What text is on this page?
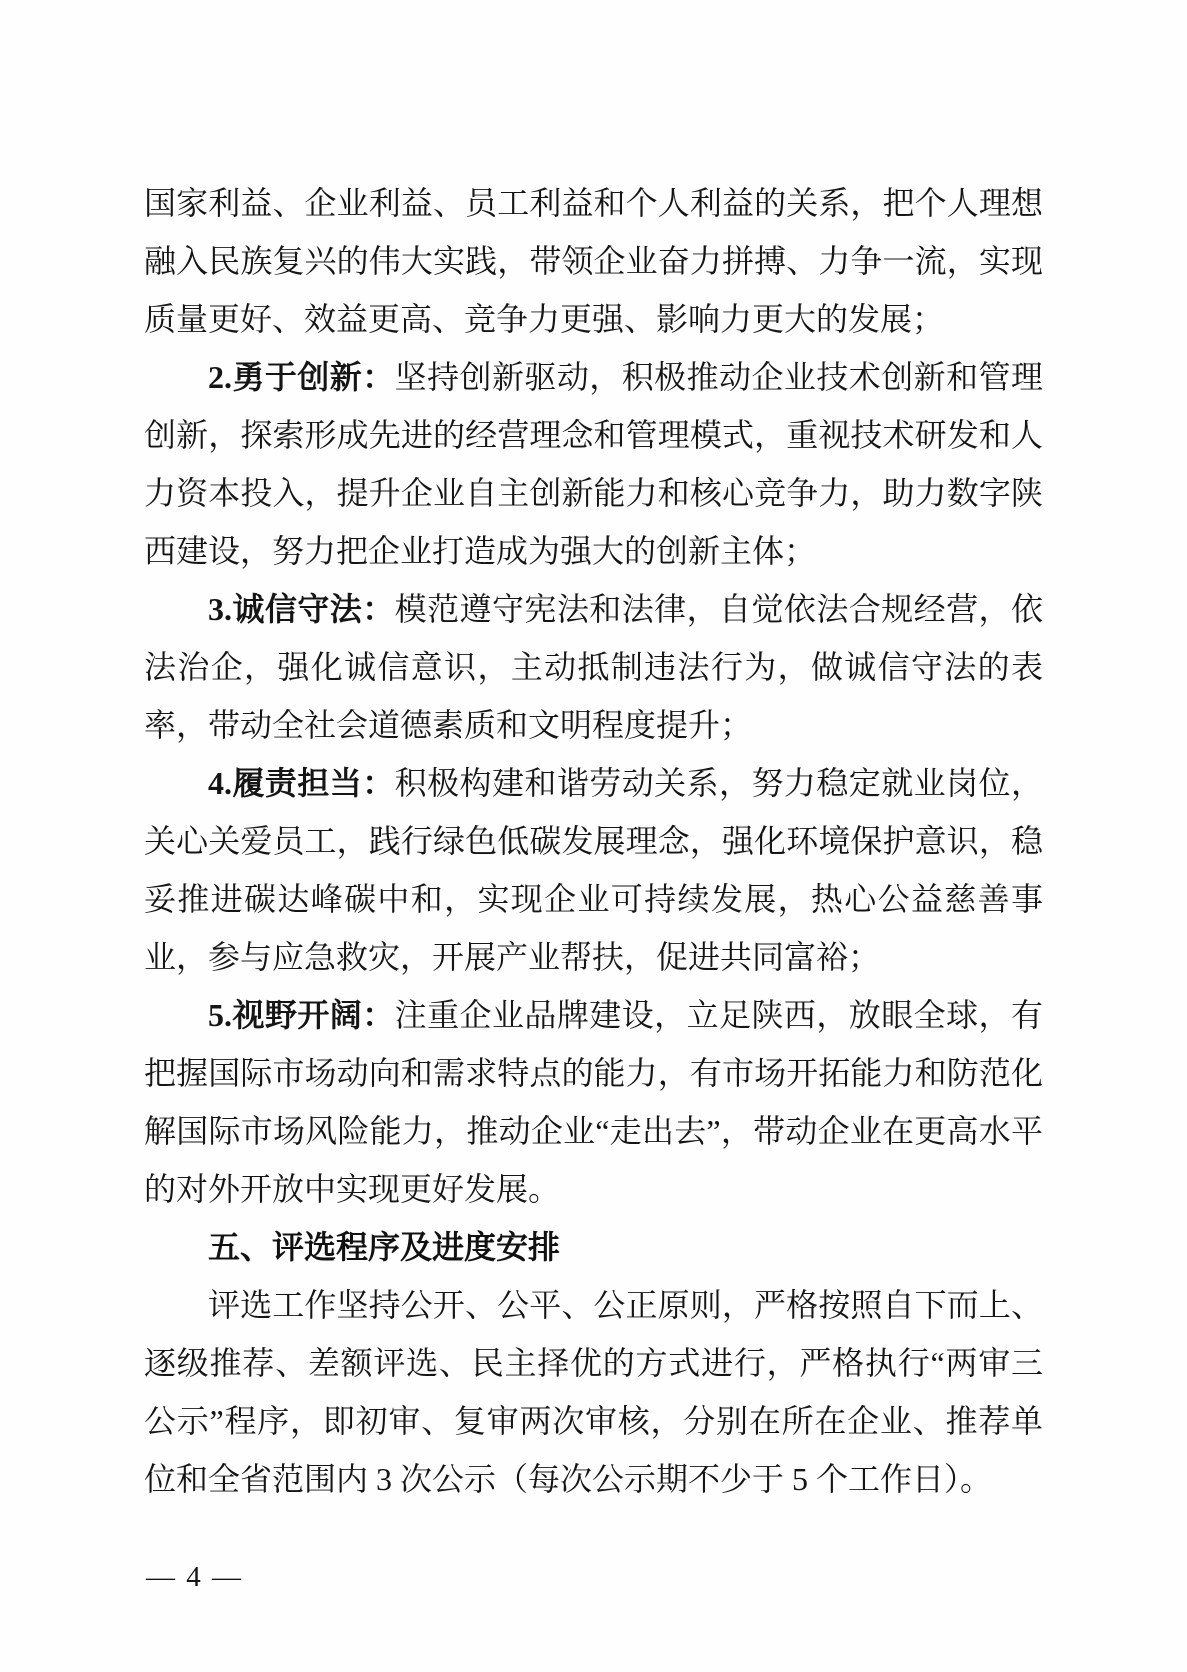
国家利益、企业利益、员工利益和个人利益的关系，把个人理想融入民族复兴的伟大实践，带领企业奋力拼搏、力争一流，实现质量更好、效益更高、竞争力更强、影响力更大的发展；

2.勇于创新：坚持创新驱动，积极推动企业技术创新和管理创新，探索形成先进的经营理念和管理模式，重视技术研发和人力资本投入，提升企业自主创新能力和核心竞争力，助力数字陕西建设，努力把企业打造成为强大的创新主体；

3.诚信守法：模范遵守宪法和法律，自觉依法合规经营，依法治企，强化诚信意识，主动抵制违法行为，做诚信守法的表率，带动全社会道德素质和文明程度提升；

4.履责担当：积极构建和谐劳动关系，努力稳定就业岗位，关心关爱员工，践行绿色低碳发展理念，强化环境保护意识，稳妥推进碳达峰碳中和，实现企业可持续发展，热心公益慈善事业，参与应急救灾，开展产业帮扶，促进共同富裕；

5.视野开阔：注重企业品牌建设，立足陕西，放眼全球，有把握国际市场动向和需求特点的能力，有市场开拓能力和防范化解国际市场风险能力，推动企业“走出去”，带动企业在更高水平的对外开放中实现更好发展。

五、评选程序及进度安排

评选工作坚持公开、公平、公正原则，严格按照自下而上、逐级推荐、差额评选、民主择优的方式进行，严格执行“两审三公示”程序，即初审、复审两次审核，分别在所在企业、推荐单位和全省范围内 3 次公示（每次公示期不少于 5 个工作日）。

— 4 —
